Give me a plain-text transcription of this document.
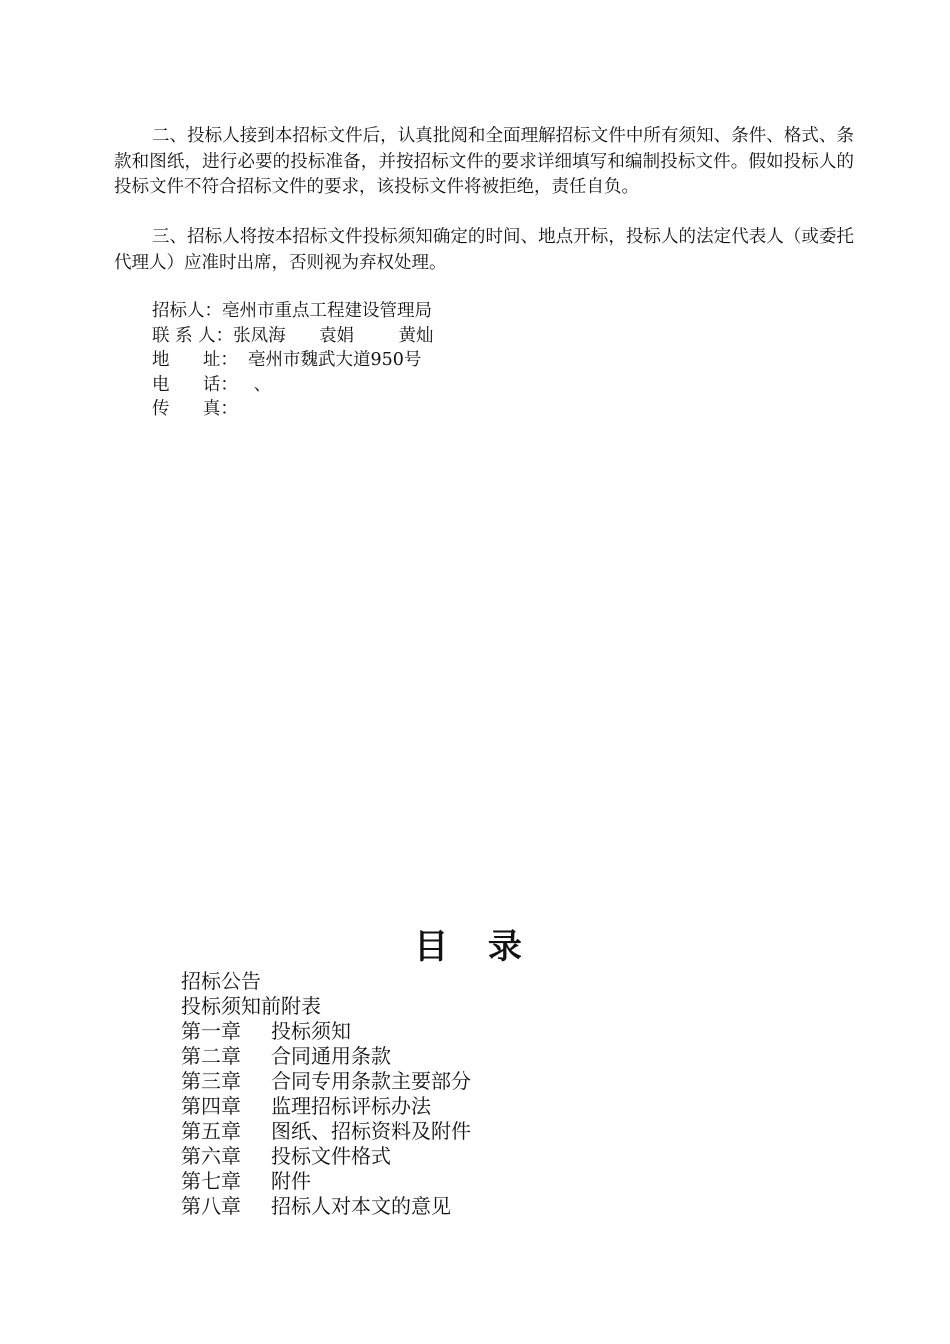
二、投标人接到本招标文件后，认真批阅和全面理解招标文件中所有须知、条件、格式、条款和图纸，进行必要的投标准备，并按招标文件的要求详细填写和编制投标文件。假如投标人的投标文件不符合招标文件的要求，该投标文件将被拒绝，责任自负。

三、招标人将按本招标文件投标须知确定的时间、地点开标，投标人的法定代表人（或委托代理人）应准时出席，否则视为弃权处理。

招标人：亳州市重点工程建设管理局
联 系 人： 张凤海      袁娟        黄灿
地      址： 亳州市魏武大道950号
电      话： 、
传      真：
目 录
招标公告
投标须知前附表
第一章	投标须知
第二章	合同通用条款
第三章	合同专用条款主要部分
第四章	监理招标评标办法
第五章	图纸、招标资料及附件
第六章	投标文件格式
第七章	附件
第八章	招标人对本文的意见
